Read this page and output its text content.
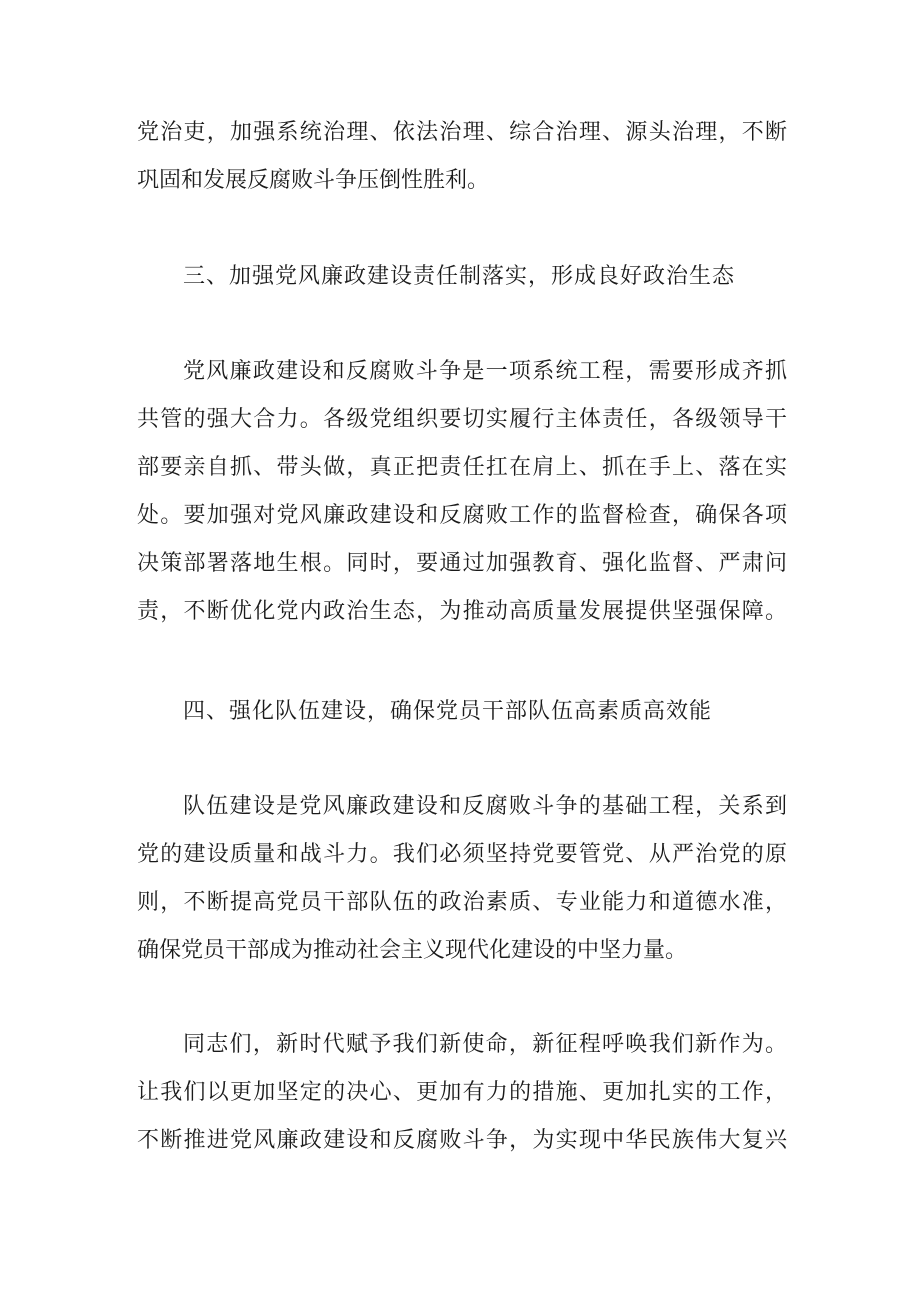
党治吏，加强系统治理、依法治理、综合治理、源头治理，不断
巩固和发展反腐败斗争压倒性胜利。
三、加强党风廉政建设责任制落实，形成良好政治生态
党风廉政建设和反腐败斗争是一项系统工程，需要形成齐抓
共管的强大合力。各级党组织要切实履行主体责任，各级领导干
部要亲自抓、带头做，真正把责任扛在肩上、抓在手上、落在实
处。要加强对党风廉政建设和反腐败工作的监督检查，确保各项
决策部署落地生根。同时，要通过加强教育、强化监督、严肃问
责，不断优化党内政治生态，为推动高质量发展提供坚强保障。
四、强化队伍建设，确保党员干部队伍高素质高效能
队伍建设是党风廉政建设和反腐败斗争的基础工程，关系到
党的建设质量和战斗力。我们必须坚持党要管党、从严治党的原
则，不断提高党员干部队伍的政治素质、专业能力和道德水准，
确保党员干部成为推动社会主义现代化建设的中坚力量。
同志们，新时代赋予我们新使命，新征程呼唤我们新作为。
让我们以更加坚定的决心、更加有力的措施、更加扎实的工作，
不断推进党风廉政建设和反腐败斗争，为实现中华民族伟大复兴
